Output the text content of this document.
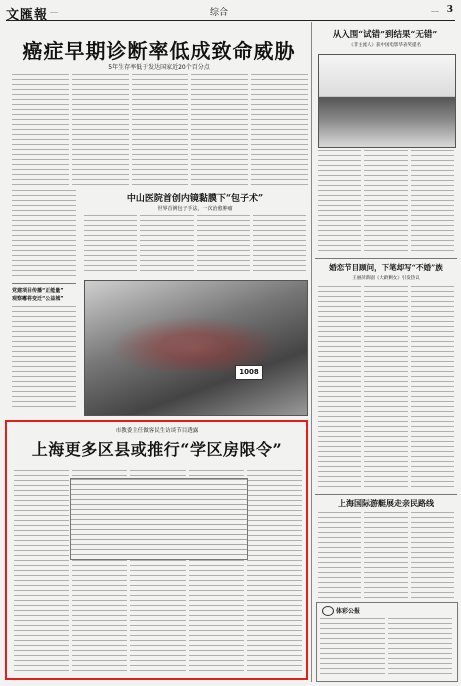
文匯報 ——	综合	—— 3
癌症早期诊断率低成致命威胁
5年生存率低于发达国家近20个百分点
党建项目传播“正能量”
观察嘟将变迁“公益城”
中山医院首创内镜黏膜下“包子术”
世界首例包子手法，一次治愈肿瘤
1008
市教委主任做客民生访谈节目透露
上海更多区县或推行“学区房限令”
从入围“试错”到结果“无错”
《非主流人》获中国电影华表奖提名
婚恋节目顾问，下笔却写“不婚”族
王丽萍新剧《大龄剩女》引发热议
上海国际游艇展走亲民路线
体彩公报
